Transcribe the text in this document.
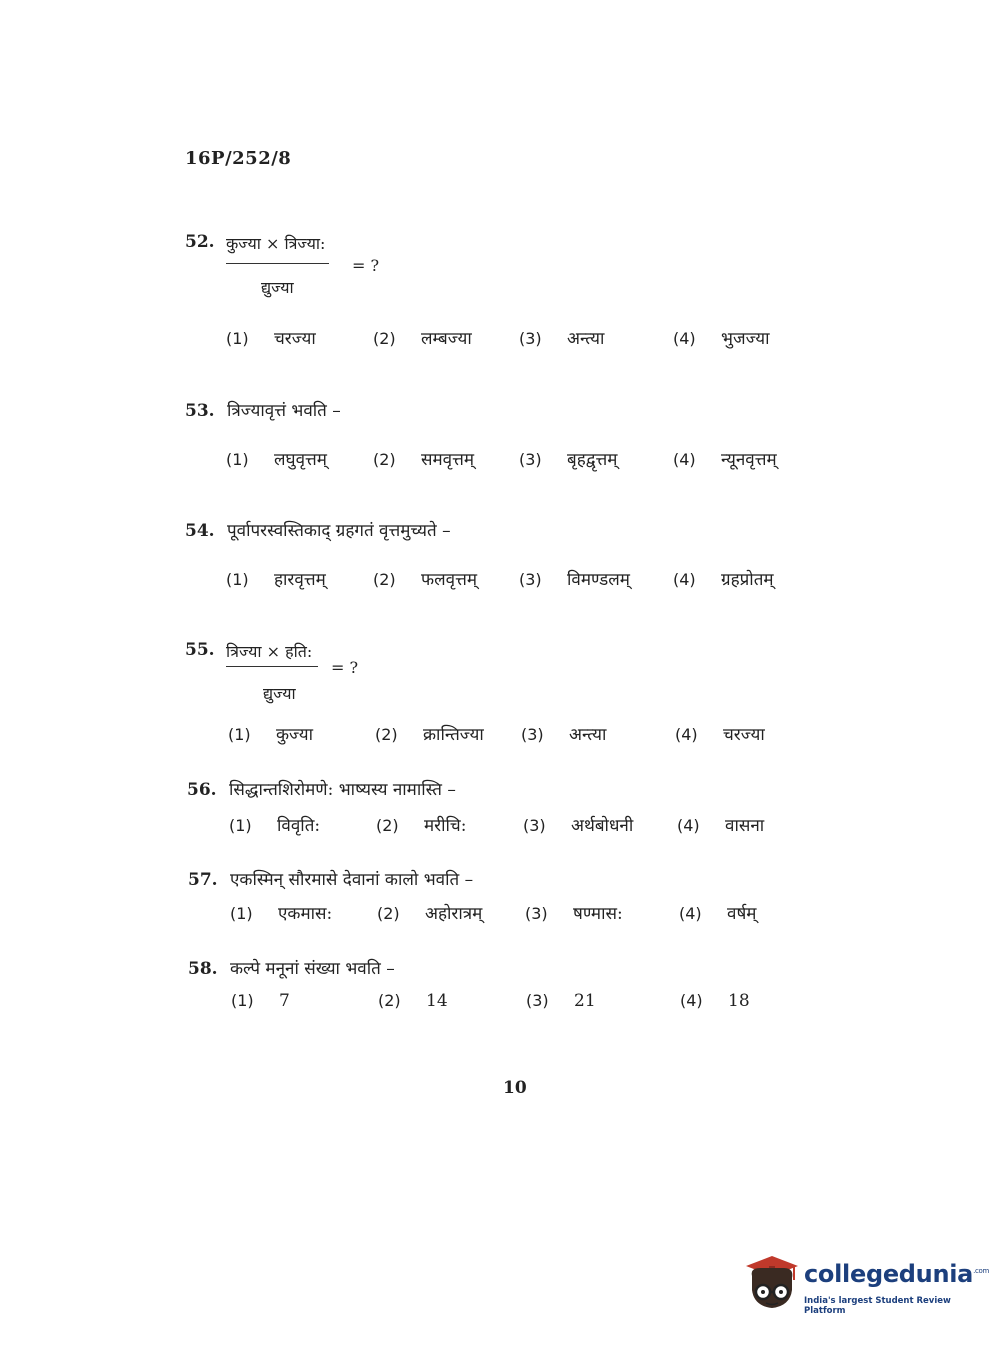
16P/252/8
52. कुज्या × त्रिज्या:
द्युज्या
= ?
(1) चरज्या	(2) लम्बज्या	(3) अन्त्या	(4) भुजज्या
53. त्रिज्यावृत्तं भवति –
(1) लघुवृत्तम्	(2) समवृत्तम्	(3) बृहद्वृत्तम्	(4) न्यूनवृत्तम्
54. पूर्वापरस्वस्तिकाद् ग्रहगतं वृत्तमुच्यते –
(1) हारवृत्तम्	(2) फलवृत्तम्	(3) विमण्डलम्	(4) ग्रहप्रोतम्
55. त्रिज्या × हति:
द्युज्या
= ?
(1) कुज्या	(2) क्रान्तिज्या (3) अन्त्या	(4) चरज्या
56. सिद्धान्तशिरोमणे: भाष्यस्य नामास्ति –
(1) विवृति:	(2) मरीचि:	(3) अर्थबोधनी	(4) वासना
57. एकस्मिन् सौरमासे देवानां कालो भवति –
(1) एकमास:	(2) अहोरात्रम्	(3) षण्मास:	(4) वर्षम्
58. कल्पे मनूनां संख्या भवति –
(1) 7	(2) 14	(3) 21	(4) 18
10
collegedunia$^{.com}$
India's largest Student Review Platform
